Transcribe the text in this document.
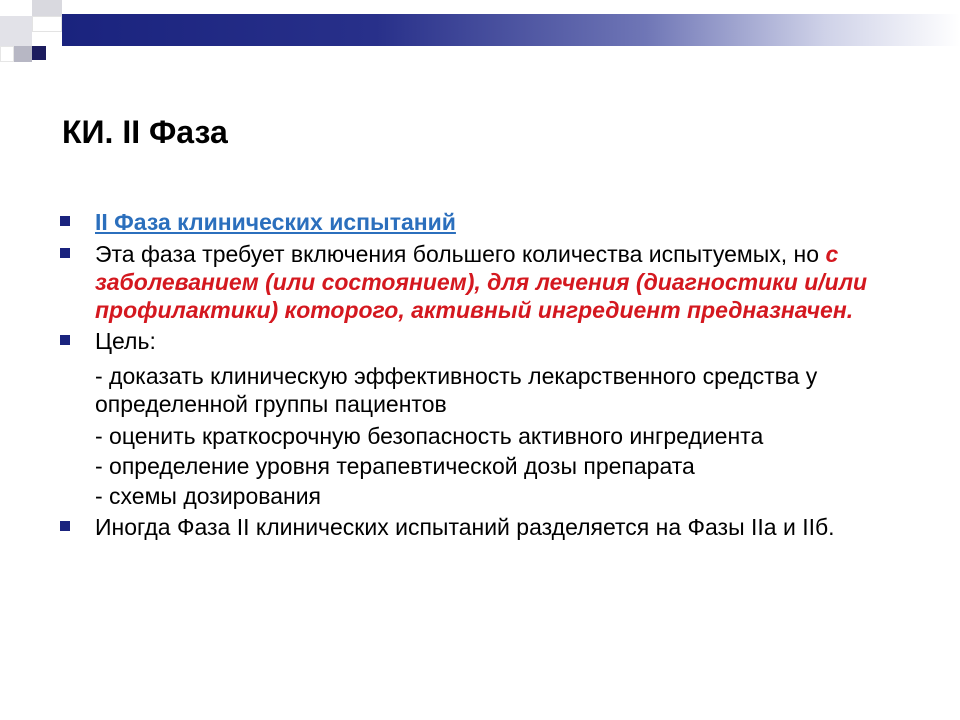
КИ. II Фаза
II Фаза клинических испытаний
Эта фаза требует включения большего количества испытуемых, но с заболеванием (или состоянием), для лечения (диагностики и/или профилактики) которого, активный ингредиент предназначен.
Цель:
- доказать клиническую эффективность лекарственного средства у определенной группы пациентов
- оценить краткосрочную безопасность активного ингредиента
- определение уровня терапевтической дозы препарата
- схемы дозирования
Иногда Фаза II клинических испытаний разделяется на Фазы IIа и IIб.
